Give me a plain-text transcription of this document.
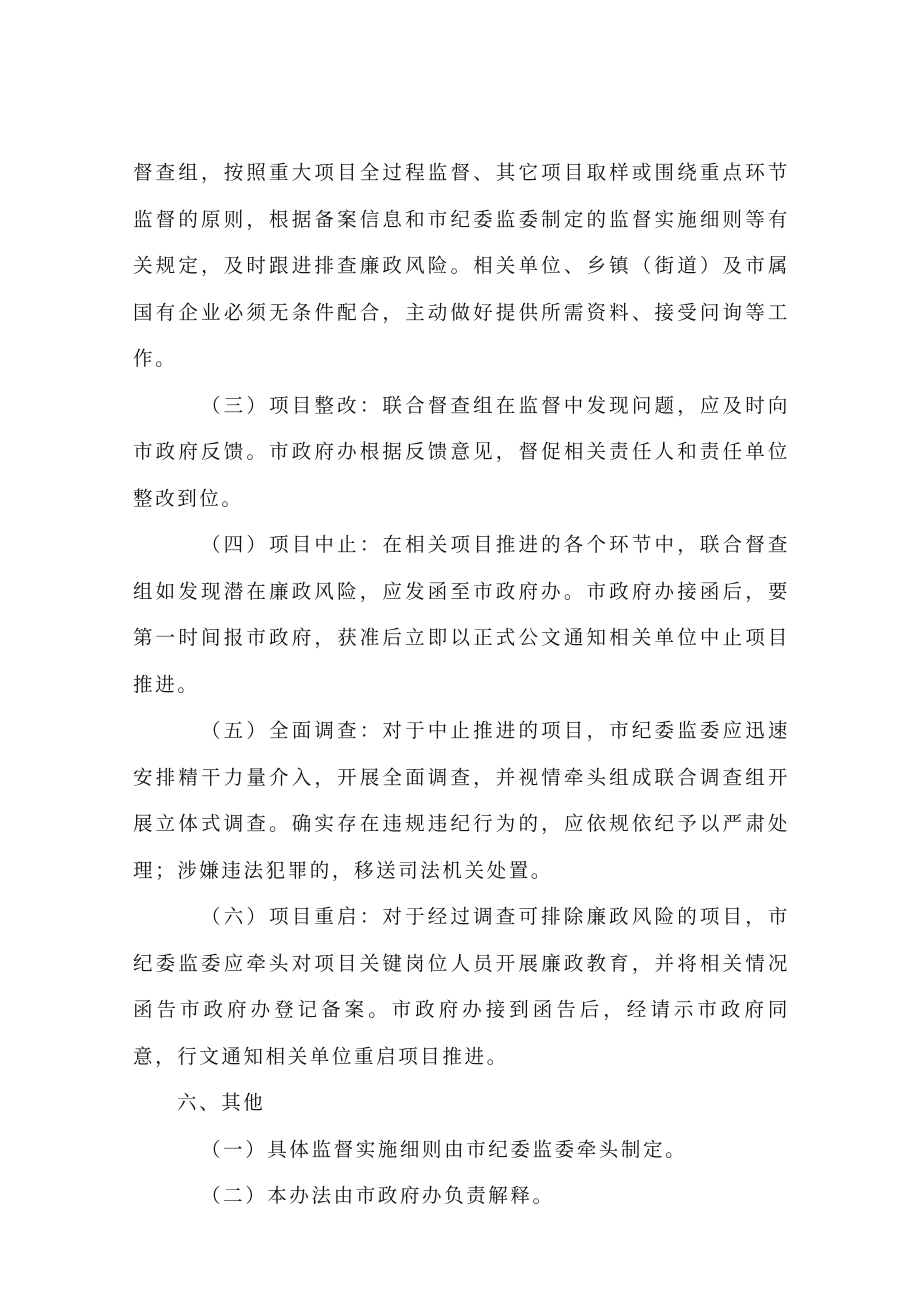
督查组，按照重大项目全过程监督、其它项目取样或围绕重点环节监督的原则，根据备案信息和市纪委监委制定的监督实施细则等有关规定，及时跟进排查廉政风险。相关单位、乡镇（街道）及市属国有企业必须无条件配合，主动做好提供所需资料、接受问询等工作。

（三）项目整改：联合督查组在监督中发现问题，应及时向市政府反馈。市政府办根据反馈意见，督促相关责任人和责任单位整改到位。

（四）项目中止：在相关项目推进的各个环节中，联合督查组如发现潜在廉政风险，应发函至市政府办。市政府办接函后，要第一时间报市政府，获准后立即以正式公文通知相关单位中止项目推进。

（五）全面调查：对于中止推进的项目，市纪委监委应迅速安排精干力量介入，开展全面调查，并视情牵头组成联合调查组开展立体式调查。确实存在违规违纪行为的，应依规依纪予以严肃处理；涉嫌违法犯罪的，移送司法机关处置。

（六）项目重启：对于经过调查可排除廉政风险的项目，市纪委监委应牵头对项目关键岗位人员开展廉政教育，并将相关情况函告市政府办登记备案。市政府办接到函告后，经请示市政府同意，行文通知相关单位重启项目推进。

六、其他

（一）具体监督实施细则由市纪委监委牵头制定。

（二）本办法由市政府办负责解释。
